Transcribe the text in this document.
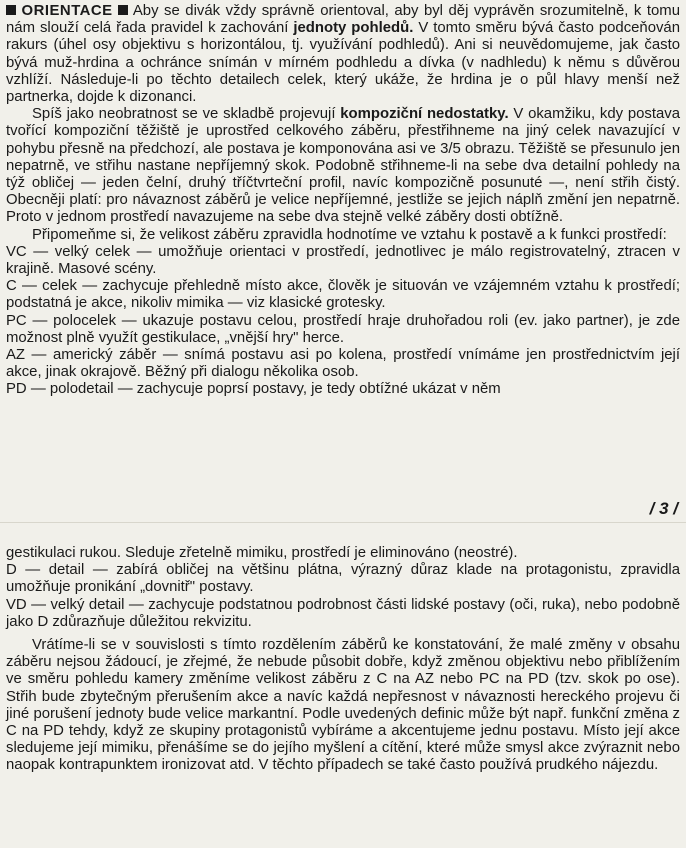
ORIENTACE Aby se divák vždy správně orientoval, aby byl děj vyprávěn srozumitelně, k tomu nám slouží celá řada pravidel k zachování jednoty pohledů. V tomto směru bývá často podceňován rakurs (úhel osy objektivu s horizontálou, tj. využívání podhledů). Ani si neuvědomujeme, jak často bývá muž-hrdina a ochránce snímán v mírném podhledu a dívka (v nadhledu) k němu s důvěrou vzhlíží. Následuje-li po těchto detailech celek, který ukáže, že hrdina je o půl hlavy menší než partnerka, dojde k dizonanci.

Spíš jako neobratnost se ve skladbě projevují kompoziční nedostatky. V okamžiku, kdy postava tvořící kompoziční těžiště je uprostřed celkového záběru, přestřihneme na jiný celek navazující v pohybu přesně na předchozí, ale postava je komponována asi ve 3/5 obrazu. Těžiště se přesunulo jen nepatrně, ve střihu nastane nepříjemný skok. Podobně střihneme-li na sebe dva detailní pohledy na týž obličej — jeden čelní, druhý tříčtvrteční profil, navíc kompozičně posunuté —, není střih čistý. Obecněji platí: pro návaznost záběrů je velice nepříjemné, jestliže se jejich náplň změní jen nepatrně. Proto v jednom prostředí navazujeme na sebe dva stejně velké záběry dosti obtížně.

Připomeňme si, že velikost záběru zpravidla hodnotíme ve vztahu k postavě a k funkci prostředí:

VC — velký celek — umožňuje orientaci v prostředí, jednotlivec je málo registrovatelný, ztracen v krajině. Masové scény.

C — celek — zachycuje přehledně místo akce, člověk je situován ve vzájemném vztahu k prostředí; podstatná je akce, nikoliv mimika — viz klasické grotesky.

PC — polocelek — ukazuje postavu celou, prostředí hraje druhořadou roli (ev. jako partner), je zde možnost plně využít gestikulace, „vnější hry" herce.

AZ — americký záběr — snímá postavu asi po kolena, prostředí vnímáme jen prostřednictvím její akce, jinak okrajově. Běžný při dialogu několika osob.

PD — polodetail — zachycuje poprsí postavy, je tedy obtížné ukázat v něm

/ 3 /

gestikulaci rukou. Sleduje zřetelně mimiku, prostředí je eliminováno (neostré).

D — detail — zabírá obličej na většinu plátna, výrazný důraz klade na protagonistu, zpravidla umožňuje pronikání „dovnitř" postavy.

VD — velký detail — zachycuje podstatnou podrobnost části lidské postavy (oči, ruka), nebo podobně jako D zdůrazňuje důležitou rekvizitu.

Vrátíme-li se v souvislosti s tímto rozdělením záběrů ke konstatování, že malé změny v obsahu záběru nejsou žádoucí, je zřejmé, že nebude působit dobře, když změnou objektivu nebo přiblížením ve směru pohledu kamery změníme velikost záběru z C na AZ nebo PC na PD (tzv. skok po ose). Střih bude zbytečným přerušením akce a navíc každá nepřesnost v návaznosti hereckého projevu či jiné porušení jednoty bude velice markantní. Podle uvedených definic může být např. funkční změna z C na PD tehdy, když ze skupiny protagonistů vybíráme a akcentujeme jednu postavu. Místo její akce sledujeme její mimiku, přenášíme se do jejího myšlení a cítění, které může smysl akce zvýraznit nebo naopak kontrapunktem ironizovat atd. V těchto případech se také často používá prudkého nájezdu.
